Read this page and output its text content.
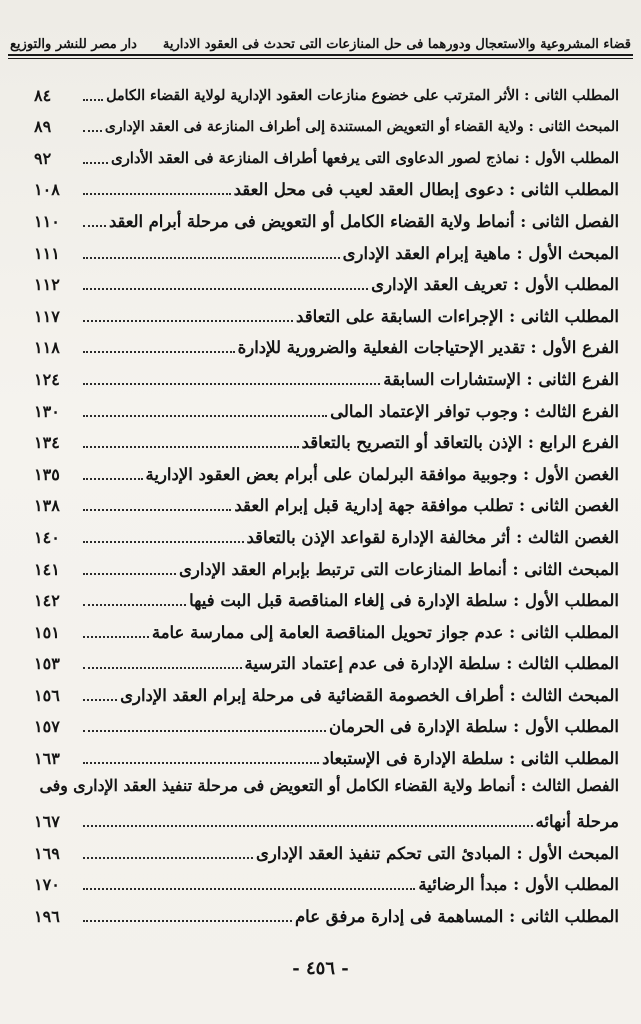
قضاء المشروعية والاستعجال ودورهما فى حل المنازعات التى تحدث فى العقود الادارية
دار مصر للنشر والتوزيع
٨٤	المطلب الثانى : الأثر المترتب على خضوع منازعات العقود الإدارية لولاية القضاء الكامل
٨٩	المبحث الثانى : ولاية القضاء أو التعويض المستندة إلى أطراف المنازعة فى العقد الإدارى
٩٢	المطلب الأول : نماذج لصور الدعاوى التى يرفعها أطراف المنازعة فى العقد الأدارى
١٠٨	المطلب الثانى : دعوى إبطال العقد لعيب فى محل العقد
١١٠	الفصل الثانى : أنماط ولاية القضاء الكامل أو التعويض فى مرحلة أبرام العقد
١١١	المبحث الأول : ماهية إبرام العقد الإدارى
١١٢	المطلب الأول : تعريف العقد الإدارى
١١٧	المطلب الثانى : الإجراءات السابقة على التعاقد
١١٨	الفرع الأول : تقدير الإحتياجات الفعلية والضرورية للإدارة
١٢٤	الفرع الثانى : الإستشارات السابقة
١٣٠	الفرع الثالث : وجوب توافر الإعتماد المالى
١٣٤	الفرع الرابع : الإذن بالتعاقد أو التصريح بالتعاقد
١٣٥	الغصن الأول : وجوبية موافقة البرلمان على أبرام بعض العقود الإدارية
١٣٨	الغصن الثانى : تطلب موافقة جهة إدارية قبل إبرام العقد
١٤٠	الغصن الثالث : أثر مخالفة الإدارة لقواعد الإذن بالتعاقد
١٤١	المبحث الثانى : أنماط المنازعات التى ترتبط بإبرام العقد الإدارى
١٤٢	المطلب الأول : سلطة الإدارة فى إلغاء المناقصة قبل البت فيها
١٥١	المطلب الثانى : عدم جواز تحويل المناقصة العامة إلى ممارسة عامة
١٥٣	المطلب الثالث : سلطة الإدارة فى عدم إعتماد الترسية
١٥٦	المبحث الثالث : أطراف الخصومة القضائية فى مرحلة إبرام العقد الإدارى
١٥٧	المطلب الأول : سلطة الإدارة فى الحرمان
١٦٣	المطلب الثانى : سلطة الإدارة فى الإستبعاد
الفصل الثالث : أنماط ولاية القضاء الكامل أو التعويض فى مرحلة تنفيذ العقد الإدارى وفى
١٦٧	مرحلة أنهائه
١٦٩	المبحث الأول : المبادئ التى تحكم تنفيذ العقد الإدارى
١٧٠	المطلب الأول : مبدأ الرضائية
١٩٦	المطلب الثانى : المساهمة فى إدارة مرفق عام
- ٤٥٦ -
